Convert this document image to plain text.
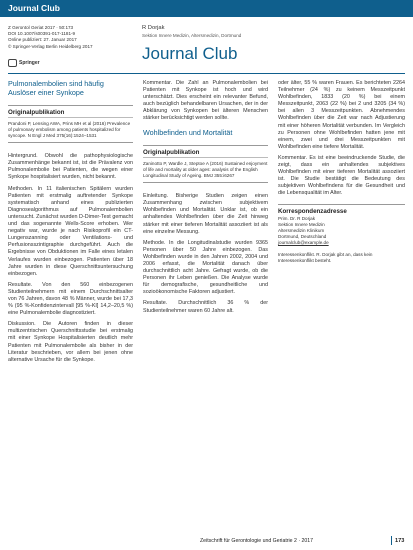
Journal Club
Z Gerontol Geriat 2017 · 50:173
DOI 10.1007/s00391-017-1181-9
Online publiziert: 27. Januar 2017
© Springer-Verlag Berlin Heidelberg 2017
Springer
R Dorjak
Sektion Innere Medizin, Altersmedizin, Dortmund
Journal Club
Pulmonalembolien sind häufig Auslöser einer Synkope
Originalpublikation
Prandoni P, Lensing AWA, Prins MH et al (2016) Prevalence of pulmonary embolism among patients hospitalized for syncope. N Engl J Med 375(16):1524–1531

Hintergrund. Obwohl die pathophysiologische Zusammenhänge bekannt ist, ist die Prävalenz von Pulmonalembolie bei Patienten, die wegen einer Synkope hospitalisiert wurden, nicht bekannt.

Methoden. In 11 italienischen Spitälern wurden Patienten mit erstmalig auftretender Synkope systematisch anhand eines publizierten Diagnosealgorithmus auf Pulmonalembolien untersucht. Zunächst wurden D-Dimer-Test gemacht und das sogenannte Wells-Score erhoben. Wer negativ war, wurde je nach Risikoprofil ein CT-Lungenszanning oder Ventilations- und Perfusionsszintigraphie durchgeführt. Auch die Ergebnisse von Obduktionen im Falle eines letalen Verlaufes wurden einbezogen. Patienten über 18 Jahre wurden in diese Querschnittsuntersuchung einbezogen.

Resultate. Von den 560 einbezogenen Studienteilnehmern mit einem Durchschnittsalter von 76 Jahren, davon 48 % Männer, wurde bei 17,3 % (95 %-Konfidenzintervall [95 %-KI] 14,2–20,5 %) eine Pulmonalembolie diagnostiziert.

Diskussion. Die Autoren finden in dieser multizentrischen Querschnittsstudie bei erstmalig mit einer Synkope Hospitalisierten deutlich mehr Patienten mit Pulmonalembolie als bisher in der Literatur beschrieben, vor allem bei jenen ohne alternative Ursache für die Synkope.

Kommentar. Die Zahl an Pulmonalembolien bei Patienten mit Synkope ist hoch und wird unterschätzt. Dies erscheint ein relevanter Befund, auch bezüglich behandelbaren Ursachen, der in der Abklärung von Synkopen bei älteren Menschen stärker berücksichtigt werden sollte.

Wohlbefinden und Mortalität
Originalpublikation
Zaninotto P, Wardle J, Steptoe A (2016) Sustained enjoyment of life and mortality at older ages: analysis of the English Longitudinal Study of Ageing. BMJ 355:i6267

Einleitung. Bisherige Studien zeigen einen Zusammenhang zwischen subjektivem Wohlbefinden und Mortalität. Unklar ist, ob ein anhaltendes Wohlbefinden über die Zeit hinweg stärker mit einer tieferen Mortalität assoziiert ist als eine einzelne Messung.

Methode. In die Longitudinalstudie wurden 9365 Personen über 50 Jahre einbezogen. Das Wohlbefinden wurde in den Jahren 2002, 2004 und 2006 erfasst, die Mortalität danach über durchschnittlich acht Jahre. Gefragt wurde, ob die Personen ihr Leben genießen. Die Analyse wurde für demografische, gesundheitliche und sozioökonomische Faktoren adjustiert.

Resultate. Durchschnittlich 36 % der Studienteilnehmer waren 60 Jahre alt.

oder älter, 55 % waren Frauen. Es berichteten 2264 Teilnehmer (24 %) zu keinem Messzeitpunkt Wohlbefinden, 1833 (20 %) bei einem Messzeitpunkt, 2063 (22 %) bei 2 und 3205 (34 %) bei allen 3 Messzeitpunkten. Abnehmendes Wohlbefinden über die Zeit war nach Adjustierung mit einer höheren Mortalität verbunden. Im Vergleich zu Personen ohne Wohlbefinden hatten jene mit einem, zwei und drei Messzeitpunkten mit Wohlbefinden eine tiefere Mortalität.

Kommentar. Es ist eine beeindruckende Studie, die zeigt, dass ein anhaltendes subjektives Wohlbefinden mit einer tieferen Mortalität assoziiert ist. Die Studie bestätigt die Bedeutung des subjektiven Wohlbefindens für die Gesundheit und die Lebensqualität im Alter.

Korrespondenzadresse
Prim. Dr. R Dorjak
Sektion Innere Medizin
Altersmedizin Klinikum
Dortmund, Deutschland
journalclub@example.de
Interessenkonflikt. R. Dorjak gibt an, dass kein Interessenkonflikt besteht.
Zeitschrift für Gerontologie und Geriatrie 2 · 2017	173
